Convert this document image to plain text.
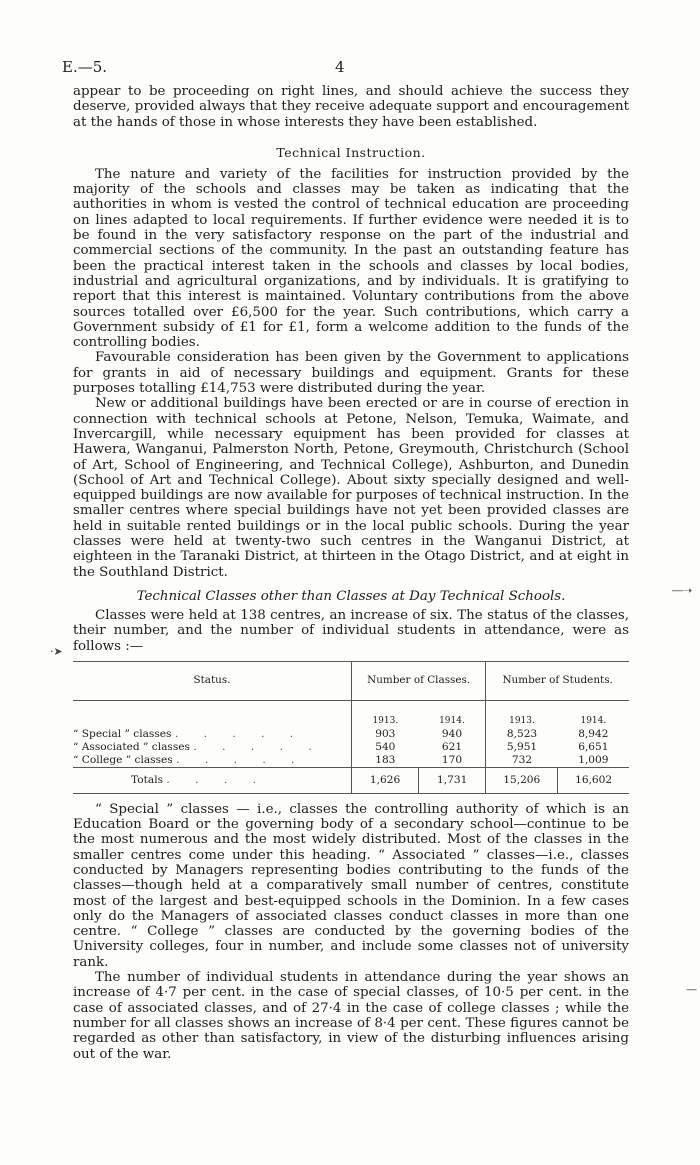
E.—5.	4

appear to be proceeding on right lines, and should achieve the success they deserve, provided always that they receive adequate support and encouragement at the hands of those in whose interests they have been established.

Technical Instruction.

The nature and variety of the facilities for instruction provided by the majority of the schools and classes may be taken as indicating that the authorities in whom is vested the control of technical education are proceeding on lines adapted to local requirements. If further evidence were needed it is to be found in the very satisfactory response on the part of the industrial and commercial sections of the community. In the past an outstanding feature has been the practical interest taken in the schools and classes by local bodies, industrial and agricultural organizations, and by individuals. It is gratifying to report that this interest is maintained. Voluntary contributions from the above sources totalled over £6,500 for the year. Such contributions, which carry a Government subsidy of £1 for £1, form a welcome addition to the funds of the controlling bodies.

Favourable consideration has been given by the Government to applications for grants in aid of necessary buildings and equipment. Grants for these purposes totalling £14,753 were distributed during the year.

New or additional buildings have been erected or are in course of erection in connection with technical schools at Petone, Nelson, Temuka, Waimate, and Invercargill, while necessary equipment has been provided for classes at Hawera, Wanganui, Palmerston North, Petone, Greymouth, Christchurch (School of Art, School of Engineering, and Technical College), Ashburton, and Dunedin (School of Art and Technical College). About sixty specially designed and well-equipped buildings are now available for purposes of technical instruction. In the smaller centres where special buildings have not yet been provided classes are held in suitable rented buildings or in the local public schools. During the year classes were held at twenty-two such centres in the Wanganui District, at eighteen in the Taranaki District, at thirteen in the Otago District, and at eight in the Southland District.

Technical Classes other than Classes at Day Technical Schools.

Classes were held at 138 centres, an increase of six. The status of the classes, their number, and the number of individual students in attendance, were as follows :—

Status.	Number of Classes.		Number of Students.	
	1913.	1914.	1913.	1914.
“ Special ” classes . . . . .	903	940	8,523	8,942
“ Associated ” classes . . . . .	540	621	5,951	6,651
“ College ” classes . . . . .	183	170	732	1,009
Totals . . . .	1,626	1,731	15,206	16,602

“ Special ” classes — i.e., classes the controlling authority of which is an Education Board or the governing body of a secondary school—continue to be the most numerous and the most widely distributed. Most of the classes in the smaller centres come under this heading. “ Associated ” classes—i.e., classes conducted by Managers representing bodies contributing to the funds of the classes—though held at a comparatively small number of centres, constitute most of the largest and best-equipped schools in the Dominion. In a few cases only do the Managers of associated classes conduct classes in more than one centre. “ College ” classes are conducted by the governing bodies of the University colleges, four in number, and include some classes not of university rank.

The number of individual students in attendance during the year shows an increase of 4·7 per cent. in the case of special classes, of 10·5 per cent. in the case of associated classes, and of 27·4 in the case of college classes ; while the number for all classes shows an increase of 8·4 per cent. These figures cannot be regarded as other than satisfactory, in view of the disturbing influences arising out of the war.

―➝
·➤
—
